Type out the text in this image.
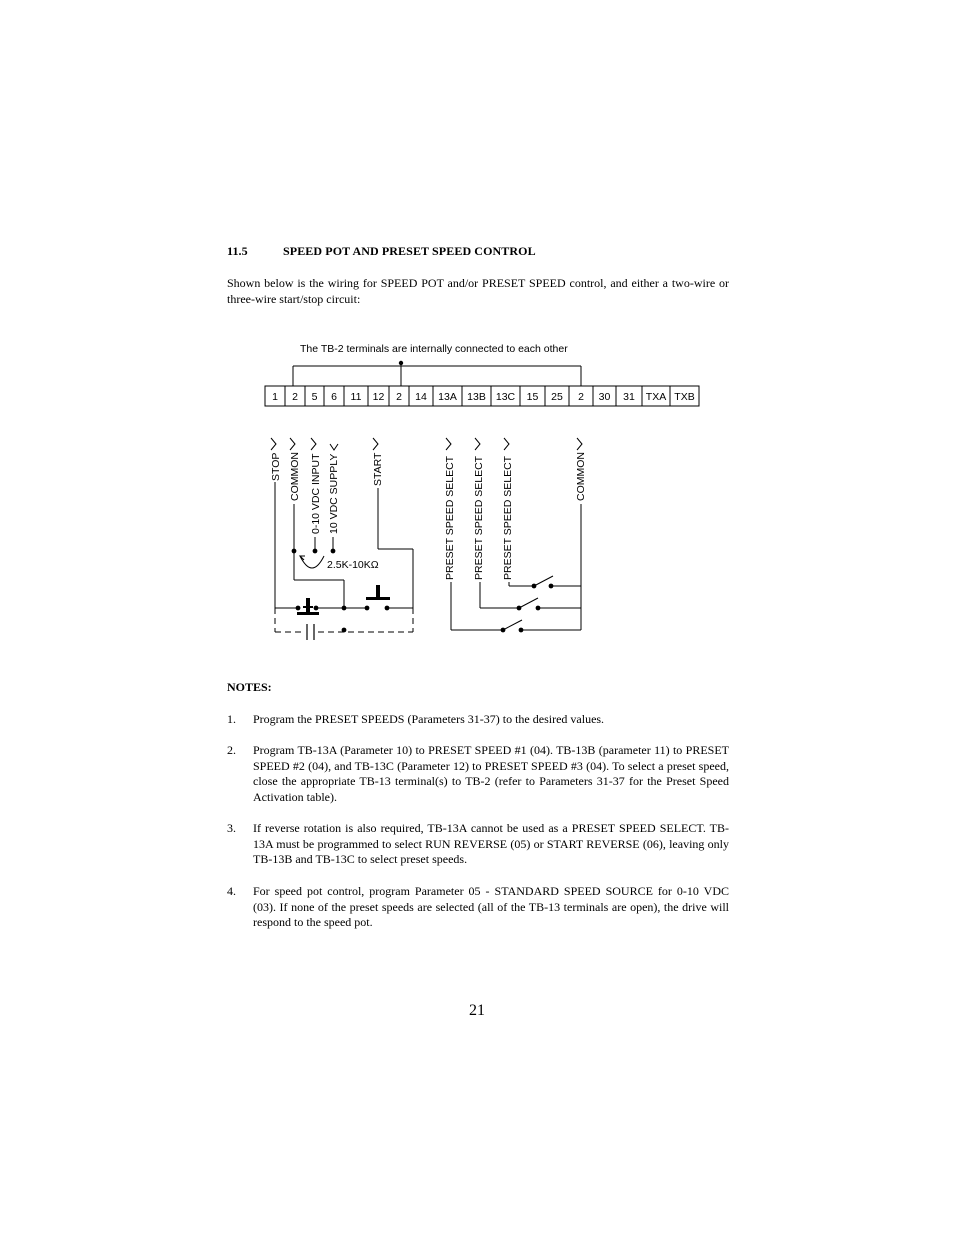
11.5	SPEED POT AND PRESET SPEED CONTROL
Shown below is the wiring for SPEED POT and/or PRESET SPEED control, and either a two-wire or three-wire start/stop circuit:
The TB-2 terminals are internally connected to each other
1 2 5 6 11 12 2 14 13A 13B 13C 15 25 2 30 31 TXA TXB
STOP COMMON 0-10 VDC INPUT 10 VDC SUPPLY	START	PRESET SPEED SELECT PRESET SPEED SELECT PRESET SPEED SELECT	COMMON
2.5K-10KΩ
NOTES:
1. Program the PRESET SPEEDS (Parameters 31-37) to the desired values.
2. Program TB-13A (Parameter 10) to PRESET SPEED #1 (04). TB-13B (parameter 11) to PRESET SPEED #2 (04), and TB-13C (Parameter 12) to PRESET SPEED #3 (04). To select a preset speed, close the appropriate TB-13 terminal(s) to TB-2 (refer to Parameters 31-37 for the Preset Speed Activation table).
3. If reverse rotation is also required, TB-13A cannot be used as a PRESET SPEED SELECT. TB-13A must be programmed to select RUN REVERSE (05) or START REVERSE (06), leaving only TB-13B and TB-13C to select preset speeds.
4. For speed pot control, program Parameter 05 - STANDARD SPEED SOURCE for 0-10 VDC (03). If none of the preset speeds are selected (all of the TB-13 terminals are open), the drive will respond to the speed pot.
21
